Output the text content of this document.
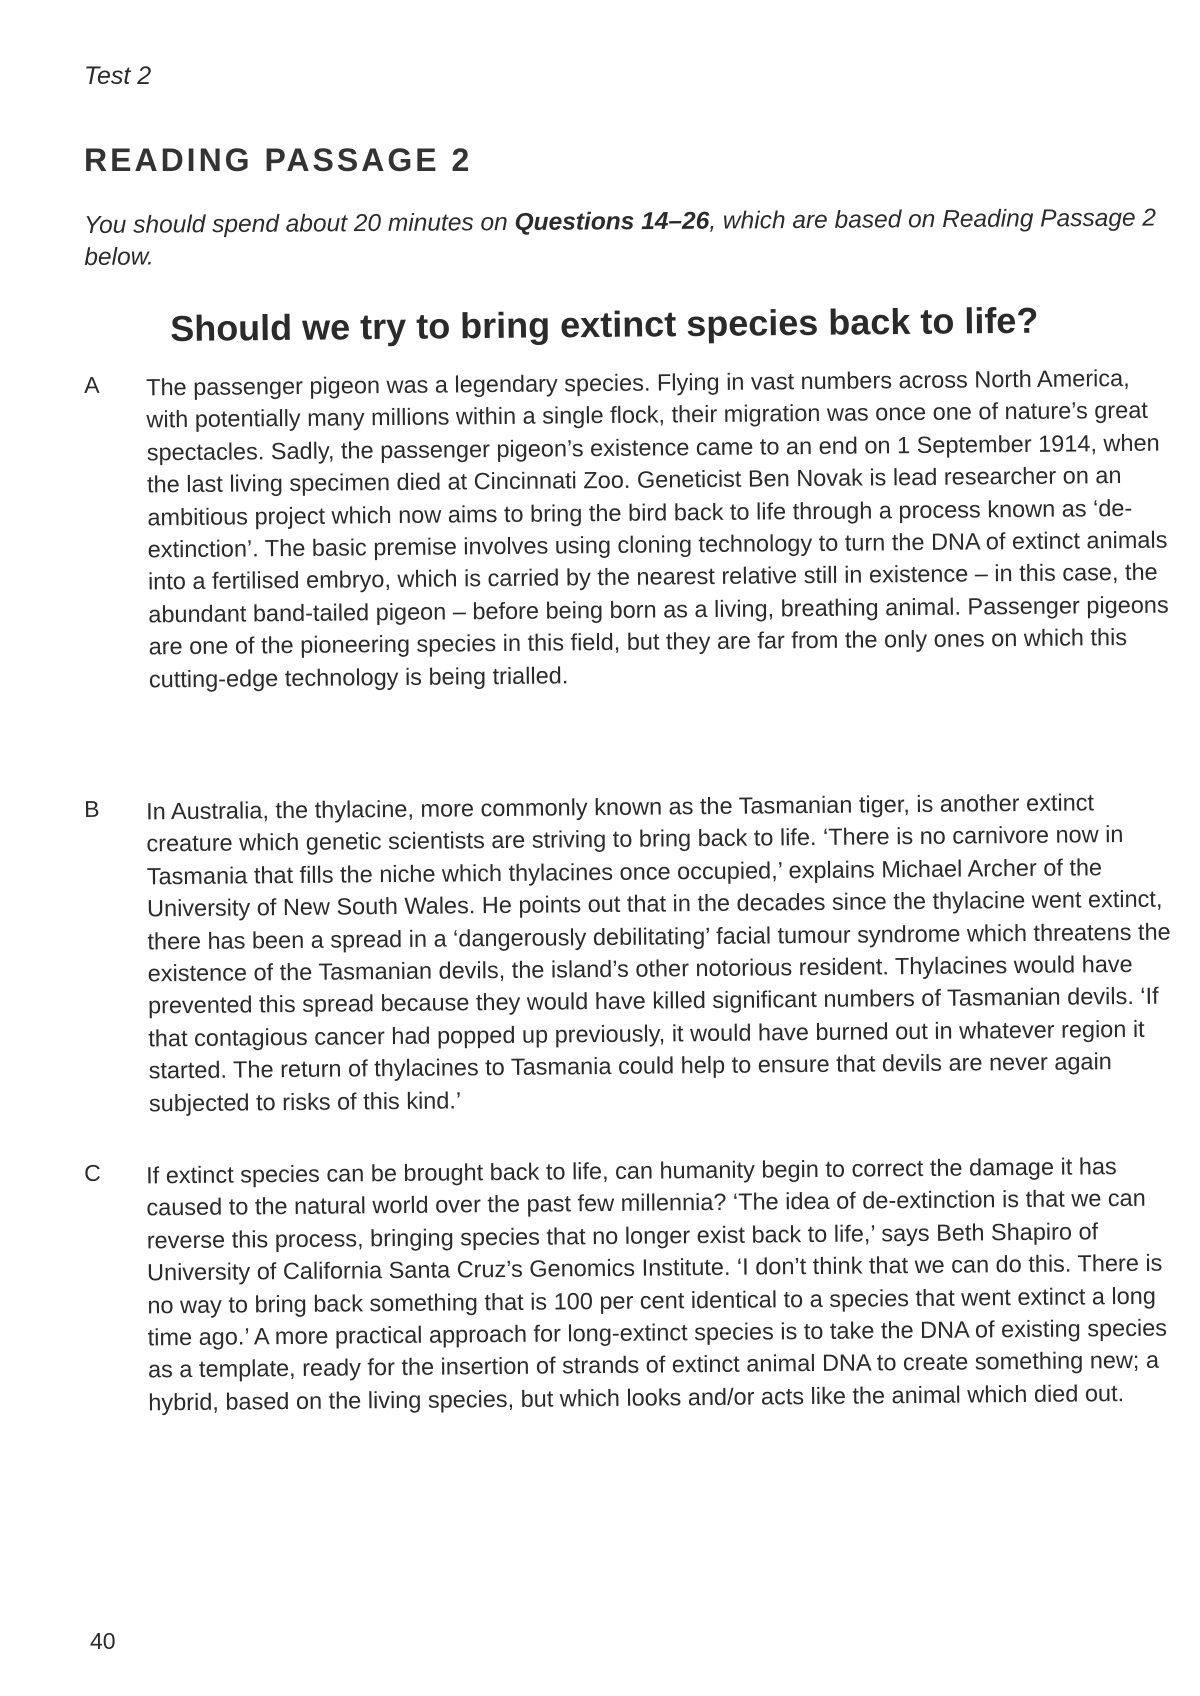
Test 2
READING PASSAGE 2
You should spend about 20 minutes on Questions 14–26, which are based on Reading Passage 2 below.
Should we try to bring extinct species back to life?
A	The passenger pigeon was a legendary species. Flying in vast numbers across North America, with potentially many millions within a single flock, their migration was once one of nature’s great spectacles. Sadly, the passenger pigeon’s existence came to an end on 1 September 1914, when the last living specimen died at Cincinnati Zoo. Geneticist Ben Novak is lead researcher on an ambitious project which now aims to bring the bird back to life through a process known as ‘de-extinction’. The basic premise involves using cloning technology to turn the DNA of extinct animals into a fertilised embryo, which is carried by the nearest relative still in existence – in this case, the abundant band-tailed pigeon – before being born as a living, breathing animal. Passenger pigeons are one of the pioneering species in this field, but they are far from the only ones on which this cutting-edge technology is being trialled.
B	In Australia, the thylacine, more commonly known as the Tasmanian tiger, is another extinct creature which genetic scientists are striving to bring back to life. ‘There is no carnivore now in Tasmania that fills the niche which thylacines once occupied,’ explains Michael Archer of the University of New South Wales. He points out that in the decades since the thylacine went extinct, there has been a spread in a ‘dangerously debilitating’ facial tumour syndrome which threatens the existence of the Tasmanian devils, the island’s other notorious resident. Thylacines would have prevented this spread because they would have killed significant numbers of Tasmanian devils. ‘If that contagious cancer had popped up previously, it would have burned out in whatever region it started. The return of thylacines to Tasmania could help to ensure that devils are never again subjected to risks of this kind.’
C	If extinct species can be brought back to life, can humanity begin to correct the damage it has caused to the natural world over the past few millennia? ‘The idea of de-extinction is that we can reverse this process, bringing species that no longer exist back to life,’ says Beth Shapiro of University of California Santa Cruz’s Genomics Institute. ‘I don’t think that we can do this. There is no way to bring back something that is 100 per cent identical to a species that went extinct a long time ago.’ A more practical approach for long-extinct species is to take the DNA of existing species as a template, ready for the insertion of strands of extinct animal DNA to create something new; a hybrid, based on the living species, but which looks and/or acts like the animal which died out.
40
